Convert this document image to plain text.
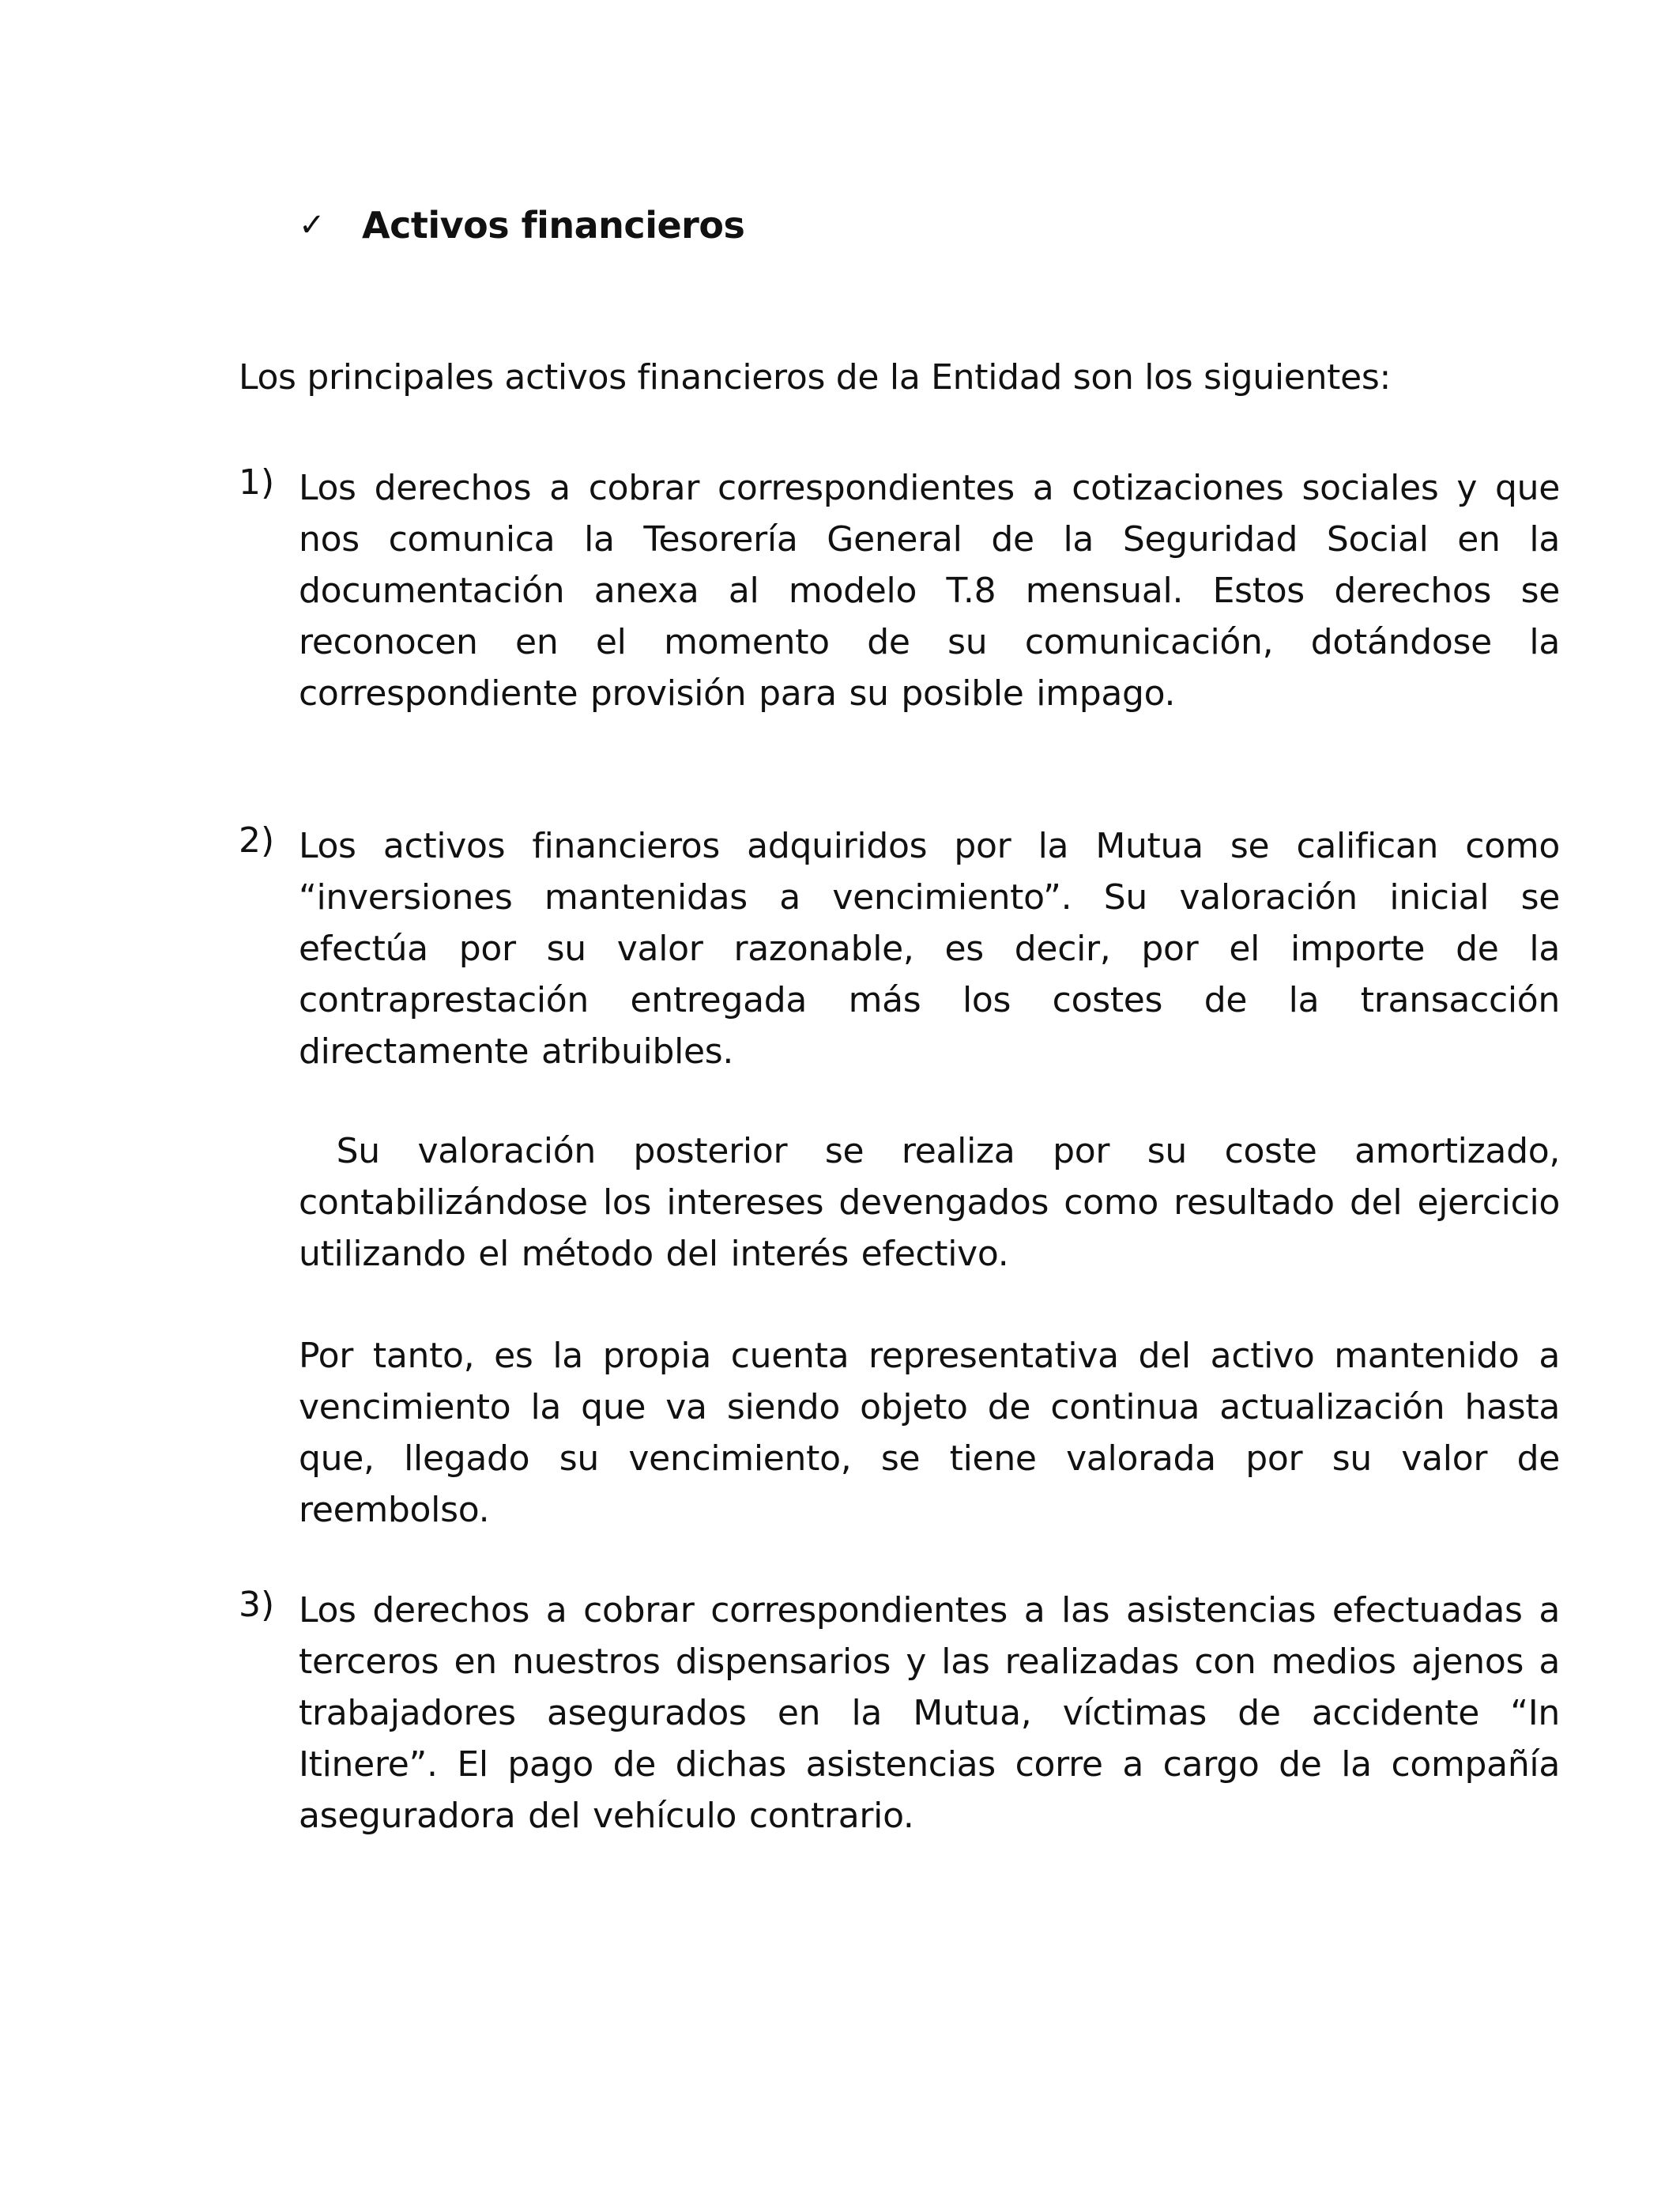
✓	Activos financieros
Los principales activos financieros de la Entidad son los siguientes:
1) Los derechos a cobrar correspondientes a cotizaciones sociales y que nos comunica la Tesorería General de la Seguridad Social en la documentación anexa al modelo T.8 mensual. Estos derechos se reconocen en el momento de su comunicación, dotándose la correspondiente provisión para su posible impago.
2) Los activos financieros adquiridos por la Mutua se califican como “inversiones mantenidas a vencimiento”. Su valoración inicial se efectúa por su valor razonable, es decir, por el importe de la contraprestación entregada más los costes de la transacción directamente atribuibles.
Su valoración posterior se realiza por su coste amortizado, contabilizándose los intereses devengados como resultado del ejercicio utilizando el método del interés efectivo.
Por tanto, es la propia cuenta representativa del activo mantenido a vencimiento la que va siendo objeto de continua actualización hasta que, llegado su vencimiento, se tiene valorada por su valor de reembolso.
3) Los derechos a cobrar correspondientes a las asistencias efectuadas a terceros en nuestros dispensarios y las realizadas con medios ajenos a trabajadores asegurados en la Mutua, víctimas de accidente “In Itinere”. El pago de dichas asistencias corre a cargo de la compañía aseguradora del vehículo contrario.
